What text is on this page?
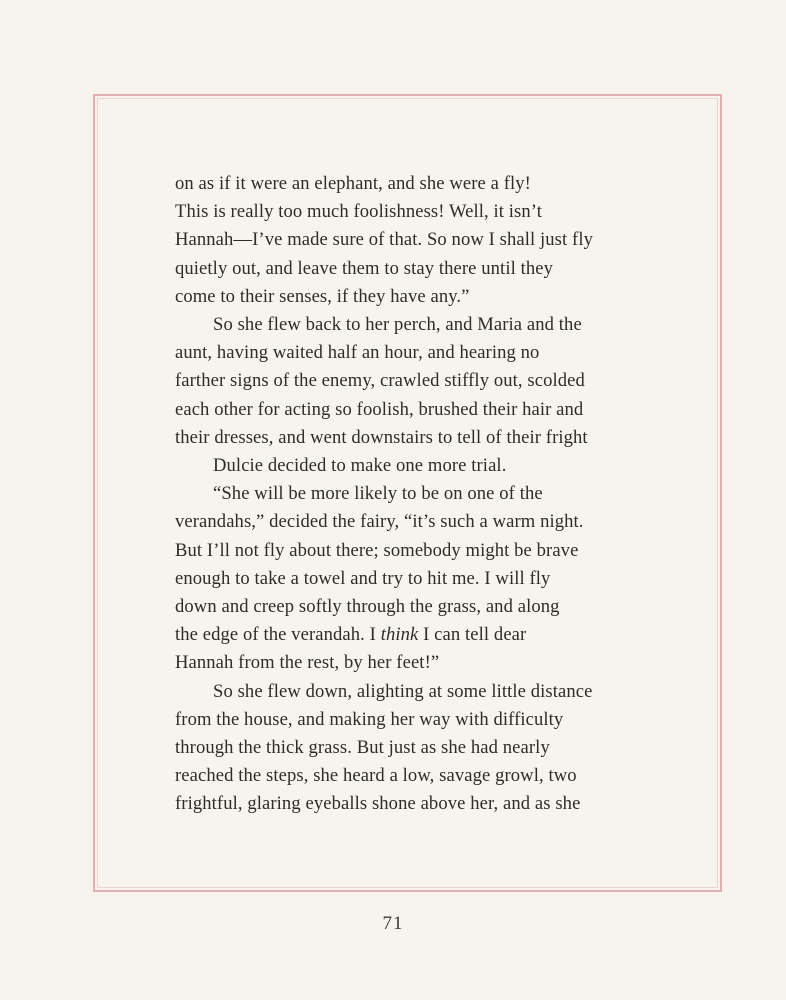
on as if it were an elephant, and she were a fly!
This is really too much foolishness! Well, it isn’t
Hannah—I’ve made sure of that. So now I shall just fly
quietly out, and leave them to stay there until they
come to their senses, if they have any.”

So she flew back to her perch, and Maria and the
aunt, having waited half an hour, and hearing no
farther signs of the enemy, crawled stiffly out, scolded
each other for acting so foolish, brushed their hair and
their dresses, and went downstairs to tell of their fright

Dulcie decided to make one more trial.

“She will be more likely to be on one of the
verandahs,” decided the fairy, “it’s such a warm night.
But I’ll not fly about there; somebody might be brave
enough to take a towel and try to hit me. I will fly
down and creep softly through the grass, and along
the edge of the verandah. I think I can tell dear
Hannah from the rest, by her feet!”

So she flew down, alighting at some little distance
from the house, and making her way with difficulty
through the thick grass. But just as she had nearly
reached the steps, she heard a low, savage growl, two
frightful, glaring eyeballs shone above her, and as she

71
